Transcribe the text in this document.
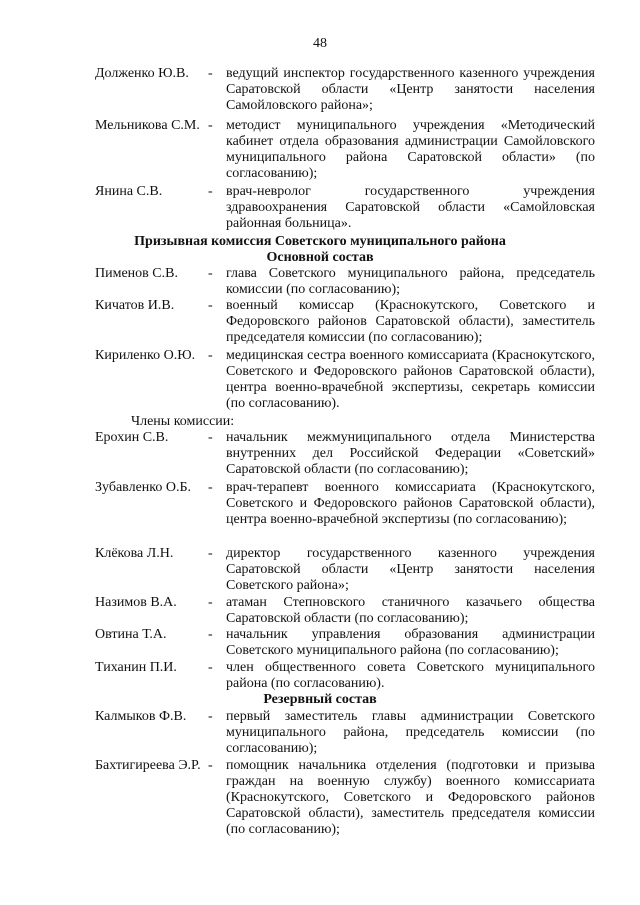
48
Долженко Ю.В. - ведущий инспектор государственного казенного учреждения Саратовской области «Центр занятости населения Самойловского района»;
Мельникова С.М. - методист муниципального учреждения «Методический кабинет отдела образования администрации Самойловского муниципального района Саратовской области» (по согласованию);
Янина С.В.	- врач-невролог государственного учреждения здравоохранения Саратовской области «Самойловская районная больница».
Призывная комиссия Советского муниципального района
Основной состав
Пименов С.В. - глава Советского муниципального района, председатель комиссии (по согласованию);
Кичатов И.В. - военный комиссар (Краснокутского, Советского и Федоровского районов Саратовской области), заместитель председателя комиссии (по согласованию);
Кириленко О.Ю. - медицинская сестра военного комиссариата (Краснокутского, Советского и Федоровского районов Саратовской области), центра военно-врачебной экспертизы, секретарь комиссии (по согласованию).
Члены комиссии:
Ерохин С.В.	- начальник межмуниципального отдела Министерства внутренних дел Российской Федерации «Советский» Саратовской области (по согласованию);
Зубавленко О.Б. - врач-терапевт военного комиссариата (Краснокутского, Советского и Федоровского районов Саратовской области), центра военно-врачебной экспертизы (по согласованию);
Клёкова Л.Н. - директор государственного казенного учреждения Саратовской области «Центр занятости населения Советского района»;
Назимов В.А. - атаман Степновского станичного казачьего общества Саратовской области (по согласованию);
Овтина Т.А.	- начальник управления образования администрации Советского муниципального района (по согласованию);
Тиханин П.И. - член общественного совета Советского муниципального района (по согласованию).
Резервный состав
Калмыков Ф.В. - первый заместитель главы администрации Советского муниципального района, председатель комиссии (по согласованию);
Бахтигиреева Э.Р. - помощник начальника отделения (подготовки и призыва граждан на военную службу) военного комиссариата (Краснокутского, Советского и Федоровского районов Саратовской области), заместитель председателя комиссии (по согласованию);
